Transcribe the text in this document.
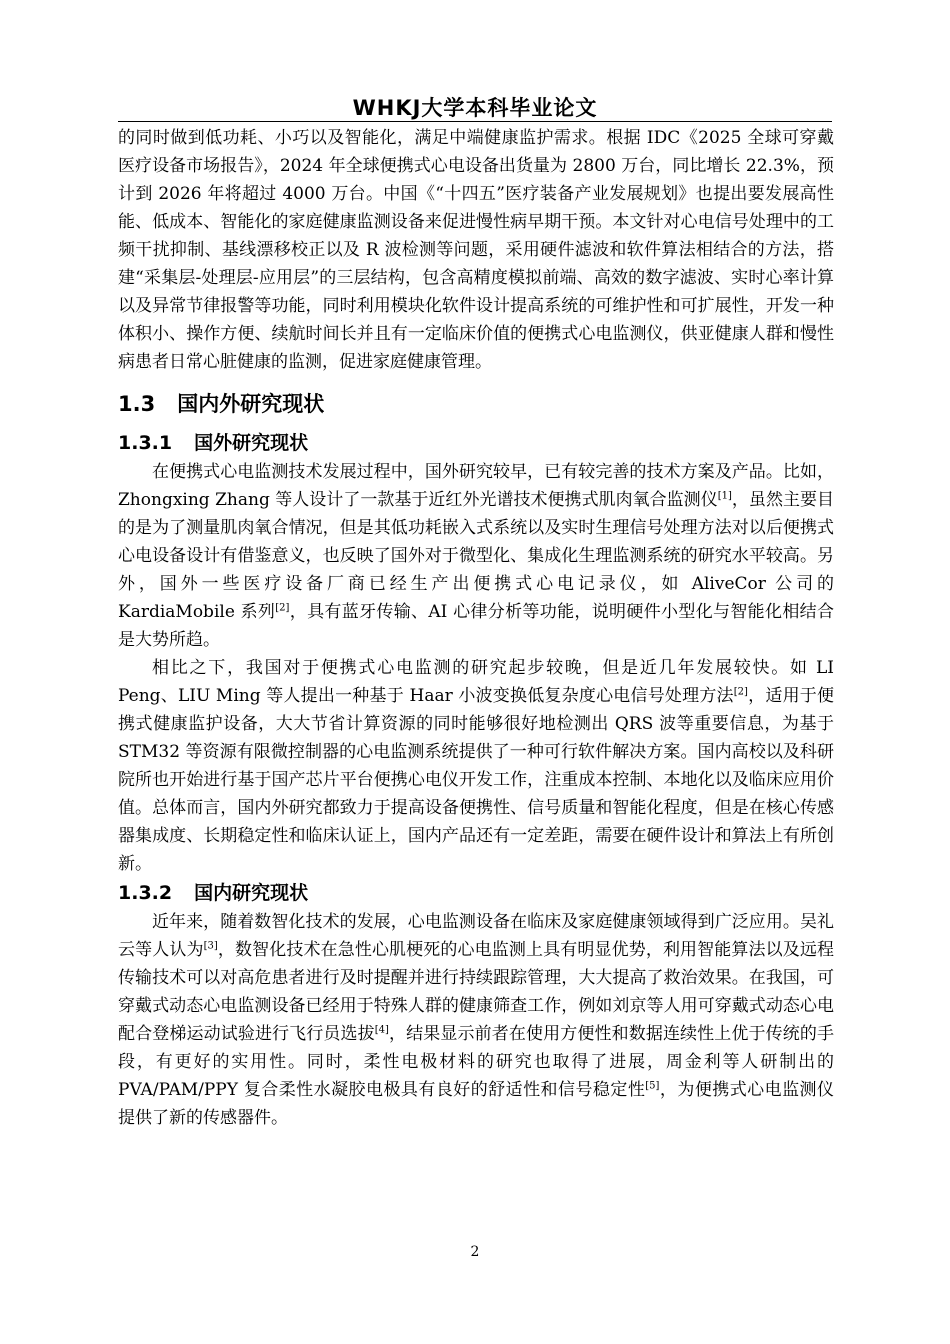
WHKJ大学本科毕业论文

的同时做到低功耗、小巧以及智能化，满足中端健康监护需求。根据 IDC《2025 全球可穿戴医疗设备市场报告》，2024 年全球便携式心电设备出货量为 2800 万台，同比增长 22.3%，预计到 2026 年将超过 4000 万台。中国《“十四五”医疗装备产业发展规划》也提出要发展高性能、低成本、智能化的家庭健康监测设备来促进慢性病早期干预。本文针对心电信号处理中的工频干扰抑制、基线漂移校正以及 R 波检测等问题，采用硬件滤波和软件算法相结合的方法，搭建“采集层-处理层-应用层”的三层结构，包含高精度模拟前端、高效的数字滤波、实时心率计算以及异常节律报警等功能，同时利用模块化软件设计提高系统的可维护性和可扩展性，开发一种体积小、操作方便、续航时间长并且有一定临床价值的便携式心电监测仪，供亚健康人群和慢性病患者日常心脏健康的监测，促进家庭健康管理。

1.3 国内外研究现状
1.3.1 国外研究现状

在便携式心电监测技术发展过程中，国外研究较早，已有较完善的技术方案及产品。比如，Zhongxing Zhang 等人设计了一款基于近红外光谱技术便携式肌肉氧合监测仪[1]，虽然主要目的是为了测量肌肉氧合情况，但是其低功耗嵌入式系统以及实时生理信号处理方法对以后便携式心电设备设计有借鉴意义，也反映了国外对于微型化、集成化生理监测系统的研究水平较高。另外，国外一些医疗设备厂商已经生产出便携式心电记录仪，如 AliveCor 公司的 KardiaMobile 系列[2]，具有蓝牙传输、AI 心律分析等功能，说明硬件小型化与智能化相结合是大势所趋。

相比之下，我国对于便携式心电监测的研究起步较晚，但是近几年发展较快。如 LI Peng、LIU Ming 等人提出一种基于 Haar 小波变换低复杂度心电信号处理方法[2]，适用于便携式健康监护设备，大大节省计算资源的同时能够很好地检测出 QRS 波等重要信息，为基于 STM32 等资源有限微控制器的心电监测系统提供了一种可行软件解决方案。国内高校以及科研院所也开始进行基于国产芯片平台便携心电仪开发工作，注重成本控制、本地化以及临床应用价值。总体而言，国内外研究都致力于提高设备便携性、信号质量和智能化程度，但是在核心传感器集成度、长期稳定性和临床认证上，国内产品还有一定差距，需要在硬件设计和算法上有所创新。

1.3.2 国内研究现状

近年来，随着数智化技术的发展，心电监测设备在临床及家庭健康领域得到广泛应用。吴礼云等人认为[3]，数智化技术在急性心肌梗死的心电监测上具有明显优势，利用智能算法以及远程传输技术可以对高危患者进行及时提醒并进行持续跟踪管理，大大提高了救治效果。在我国，可穿戴式动态心电监测设备已经用于特殊人群的健康筛查工作，例如刘京等人用可穿戴式动态心电配合登梯运动试验进行飞行员选拔[4]，结果显示前者在使用方便性和数据连续性上优于传统的手段，有更好的实用性。同时，柔性电极材料的研究也取得了进展，周金利等人研制出的 PVA/PAM/PPY 复合柔性水凝胶电极具有良好的舒适性和信号稳定性[5]，为便携式心电监测仪提供了新的传感器件。

2
